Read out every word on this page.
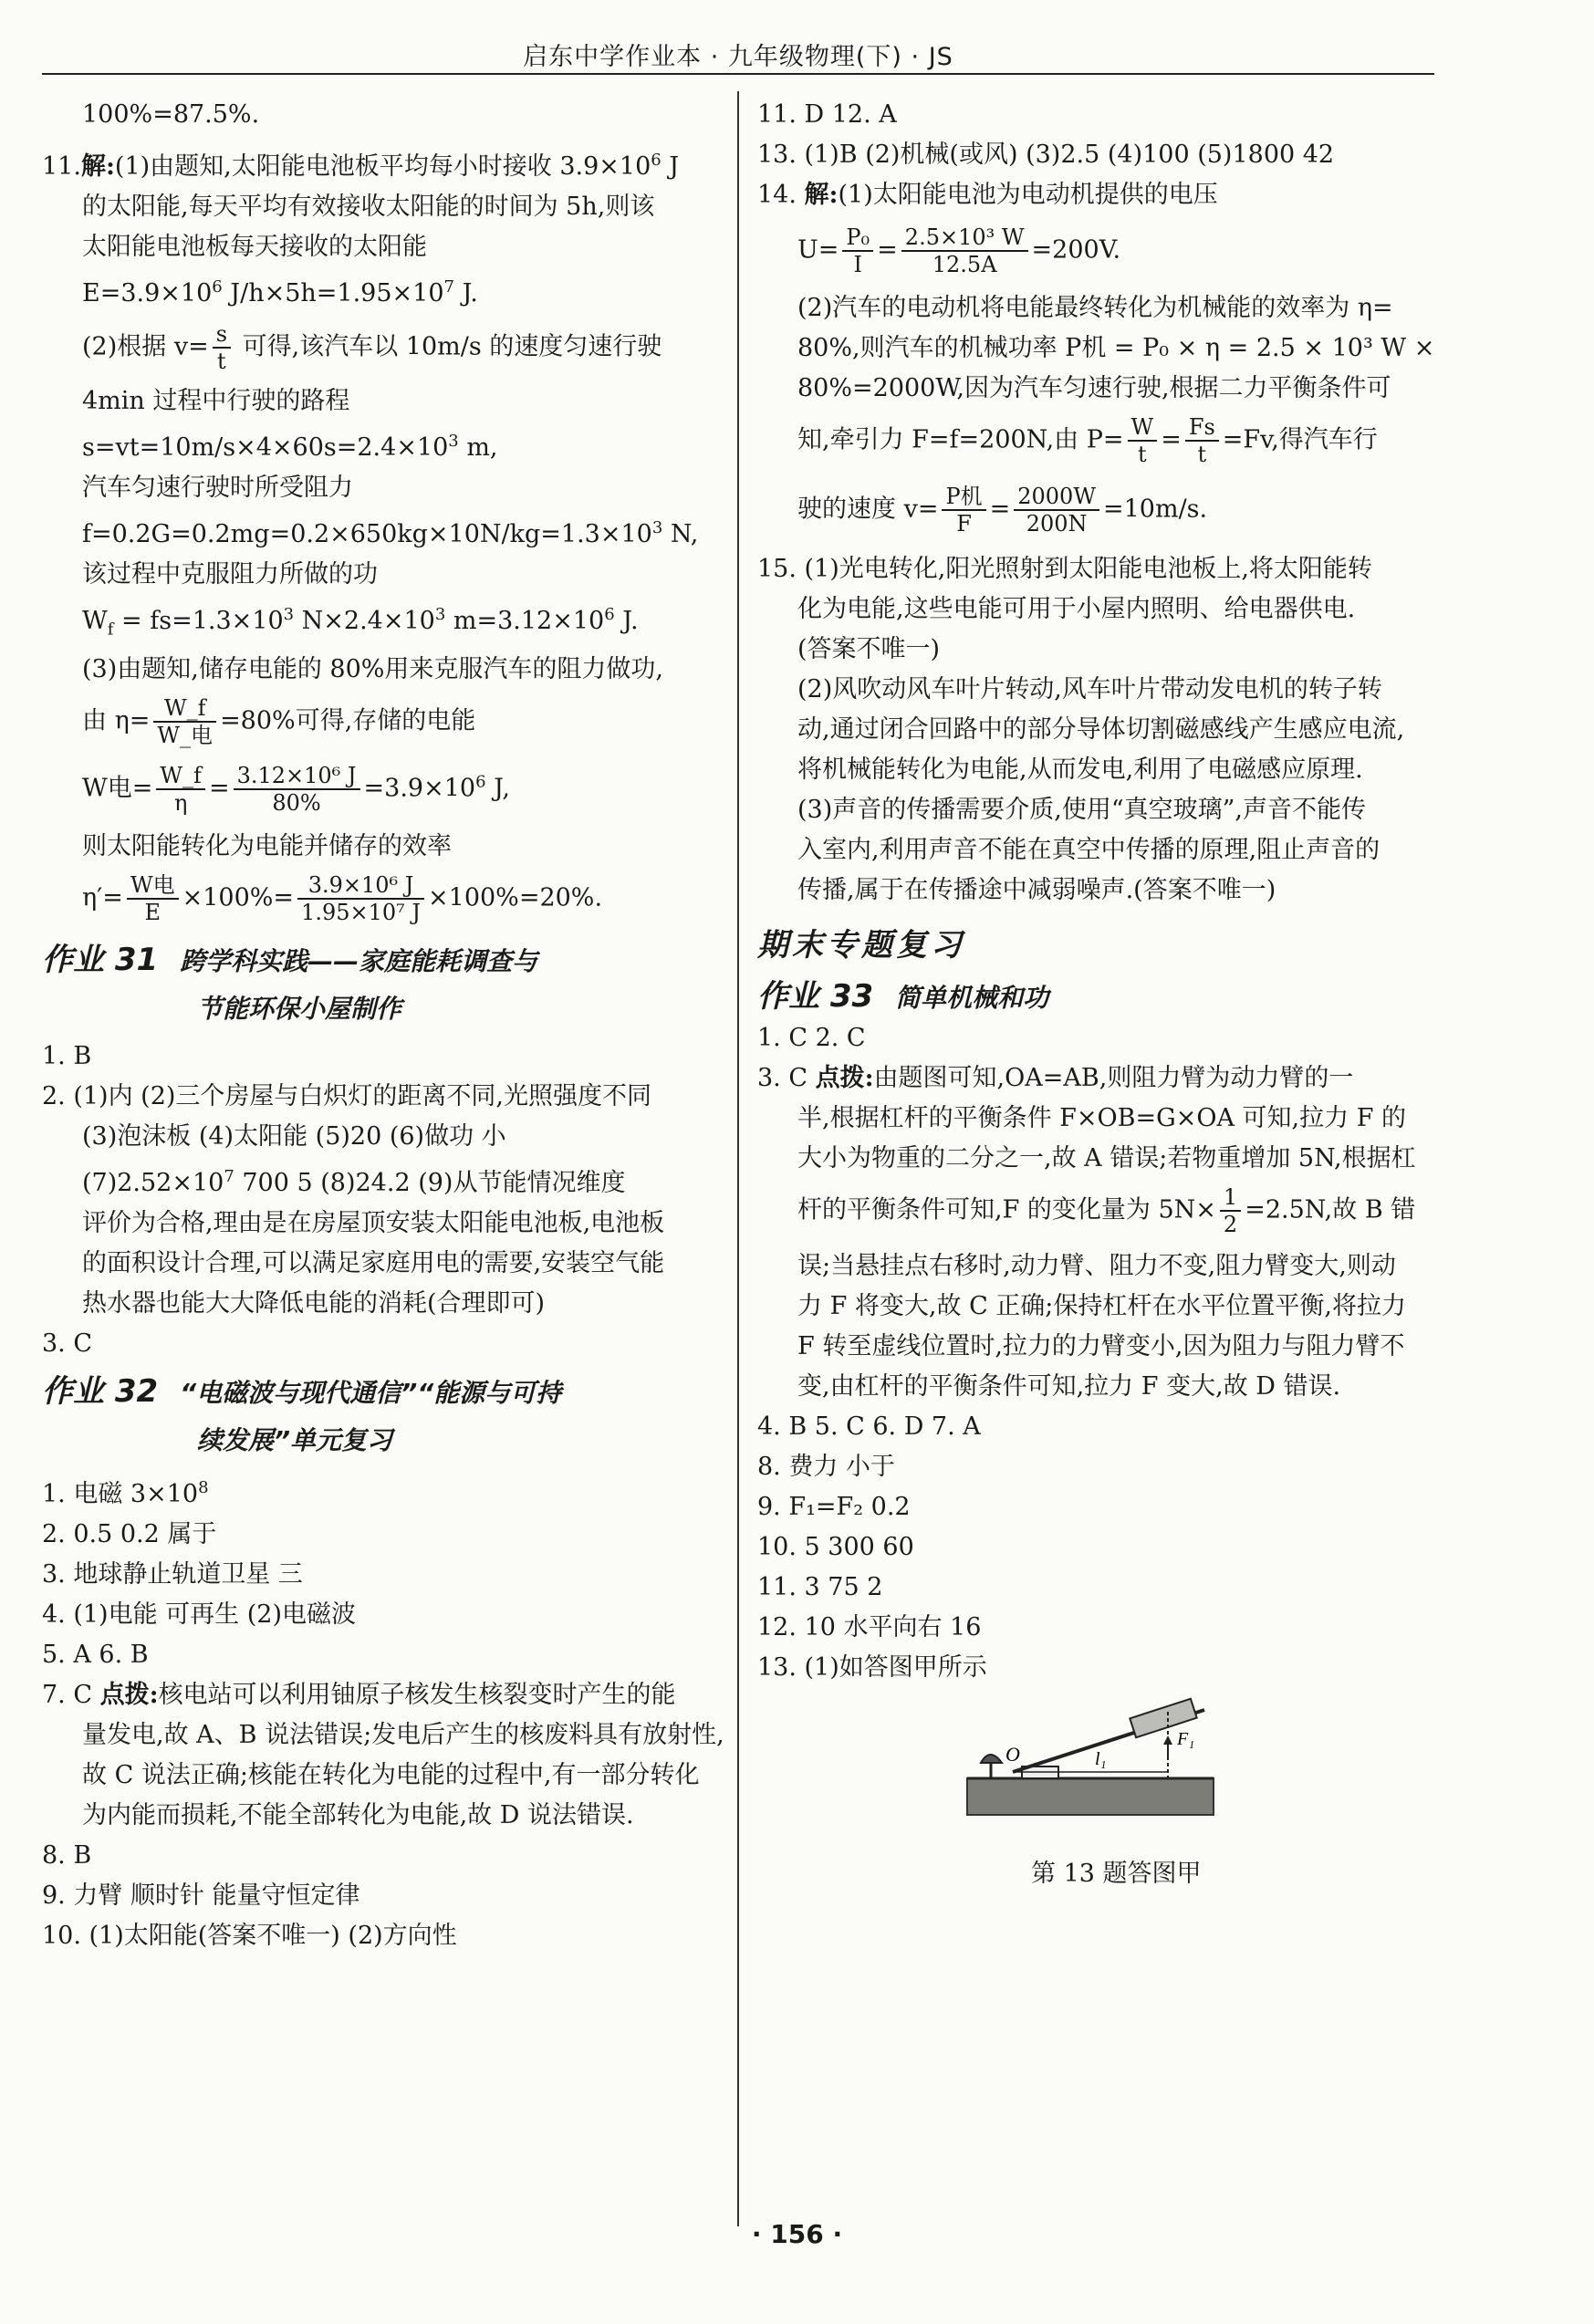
启东中学作业本 · 九年级物理(下) · JS
100%=87.5%.
11.解:(1)由题知,太阳能电池板平均每小时接收 $3.9\times 10^6$ J
的太阳能,每天平均有效接收太阳能的时间为 5h,则该
太阳能电池板每天接收的太阳能
$E=3.9\times 10^6$ $J/h\times 5h=1.95\times 10^7$ J.
(2)根据 $v= \frac{s}{t}$ 可得,该汽车以 10m/s 的速度匀速行驶
4min 过程中行驶的路程
$s=vt=10m/s\times 4\times 60s=2.4\times 10^3$ m,
汽车匀速行驶时所受阻力
$f=0.2G=0.2mg=0.2\times 650kg\times 10N/kg=1.3\times 10^3$ N,
该过程中克服阻力所做的功
$W_f = fs=1.3\times 10^3$ $N\times 2.4\times 10^3$ $m=3.12\times 10^6$ J.
(3)由题知,储存电能的 80%用来克服汽车的阻力做功,
由 $\eta= \frac{W\_f}{\text{W\_电}} =80\%$可得,存储的电能
W电= $\frac{W\_f}{\eta} = \frac{\text{3.12×10⁶ J}}{80\%} =3.9\times 10^6$ J,
则太阳能转化为电能并储存的效率
$\eta'= \frac{\text{W电}}{E} \times 100\%= \frac{\text{3.9×10⁶ J}}{\text{1.95×10⁷ J}} \times 100\%=20\%$.
作业 31 跨学科实践——家庭能耗调查与
节能环保小屋制作
1. B
2. (1)内 (2)三个房屋与白炽灯的距离不同,光照强度不同
(3)泡沫板 (4)太阳能 (5)20 (6)做功 小
$(7)2.52\times 10^7$ 700 5 (8)24.2 (9)从节能情况维度
评价为合格,理由是在房屋顶安装太阳能电池板,电池板
的面积设计合理,可以满足家庭用电的需要,安装空气能
热水器也能大大降低电能的消耗(合理即可)
3. C
作业 32 “电磁波与现代通信”“能源与可持
续发展”单元复习
1. 电磁 $3\times 10^8$
2. 0.5 0.2 属于
3. 地球静止轨道卫星 三
4. (1)电能 可再生 (2)电磁波
5. A 6. B
7. C 点拨:核电站可以利用铀原子核发生核裂变时产生的能
量发电,故 A、B 说法错误;发电后产生的核废料具有放射性,
故 C 说法正确;核能在转化为电能的过程中,有一部分转化
为内能而损耗,不能全部转化为电能,故 D 说法错误.
8. B
9. 力臂 顺时针 能量守恒定律
10. (1)太阳能(答案不唯一) (2)方向性
11. D 12. A
13. (1)B (2)机械(或风) (3)2.5 (4)100 (5)1800 42
14. 解:(1)太阳能电池为电动机提供的电压
$U= \frac{\text{P₀}}{I} = \frac{\text{2.5×10³ W}}{12.5A} =200V$.
(2)汽车的电动机将电能最终转化为机械能的效率为 η=
80%,则汽车的机械功率 P机 = P₀ × η = 2.5 × 10³ W ×
80%=2000W,因为汽车匀速行驶,根据二力平衡条件可
知,牵引力 F=f=200N,由 $P= \frac{W}{t} = \frac{Fs}{t} =Fv$,得汽车行
驶的速度 $v= \frac{\text{P机}}{F} = \frac{2000W}{200N} =10m/s$.
15. (1)光电转化,阳光照射到太阳能电池板上,将太阳能转
化为电能,这些电能可用于小屋内照明、给电器供电.
(答案不唯一)
(2)风吹动风车叶片转动,风车叶片带动发电机的转子转
动,通过闭合回路中的部分导体切割磁感线产生感应电流,
将机械能转化为电能,从而发电,利用了电磁感应原理.
(3)声音的传播需要介质,使用“真空玻璃”,声音不能传
入室内,利用声音不能在真空中传播的原理,阻止声音的
传播,属于在传播途中减弱噪声.(答案不唯一)
期末专题复习
作业 33 简单机械和功
1. C 2. C
3. C 点拨:由题图可知,OA=AB,则阻力臂为动力臂的一
半,根据杠杆的平衡条件 F×OB=G×OA 可知,拉力 F 的
大小为物重的二分之一,故 A 错误;若物重增加 5N,根据杠
杆的平衡条件可知,F 的变化量为 $5N\times \frac{1}{2} =2.5N$,故 B 错
误;当悬挂点右移时,动力臂、阻力不变,阻力臂变大,则动
力 F 将变大,故 C 正确;保持杠杆在水平位置平衡,将拉力
F 转至虚线位置时,拉力的力臂变小,因为阻力与阻力臂不
变,由杠杆的平衡条件可知,拉力 F 变大,故 D 错误.
4. B 5. C 6. D 7. A
8. 费力 小于
9. F₁=F₂ 0.2
10. 5 300 60
11. 3 75 2
12. 10 水平向右 16
13. (1)如答图甲所示
O	l₁
F₁
第 13 题答图甲
· 156 ·
